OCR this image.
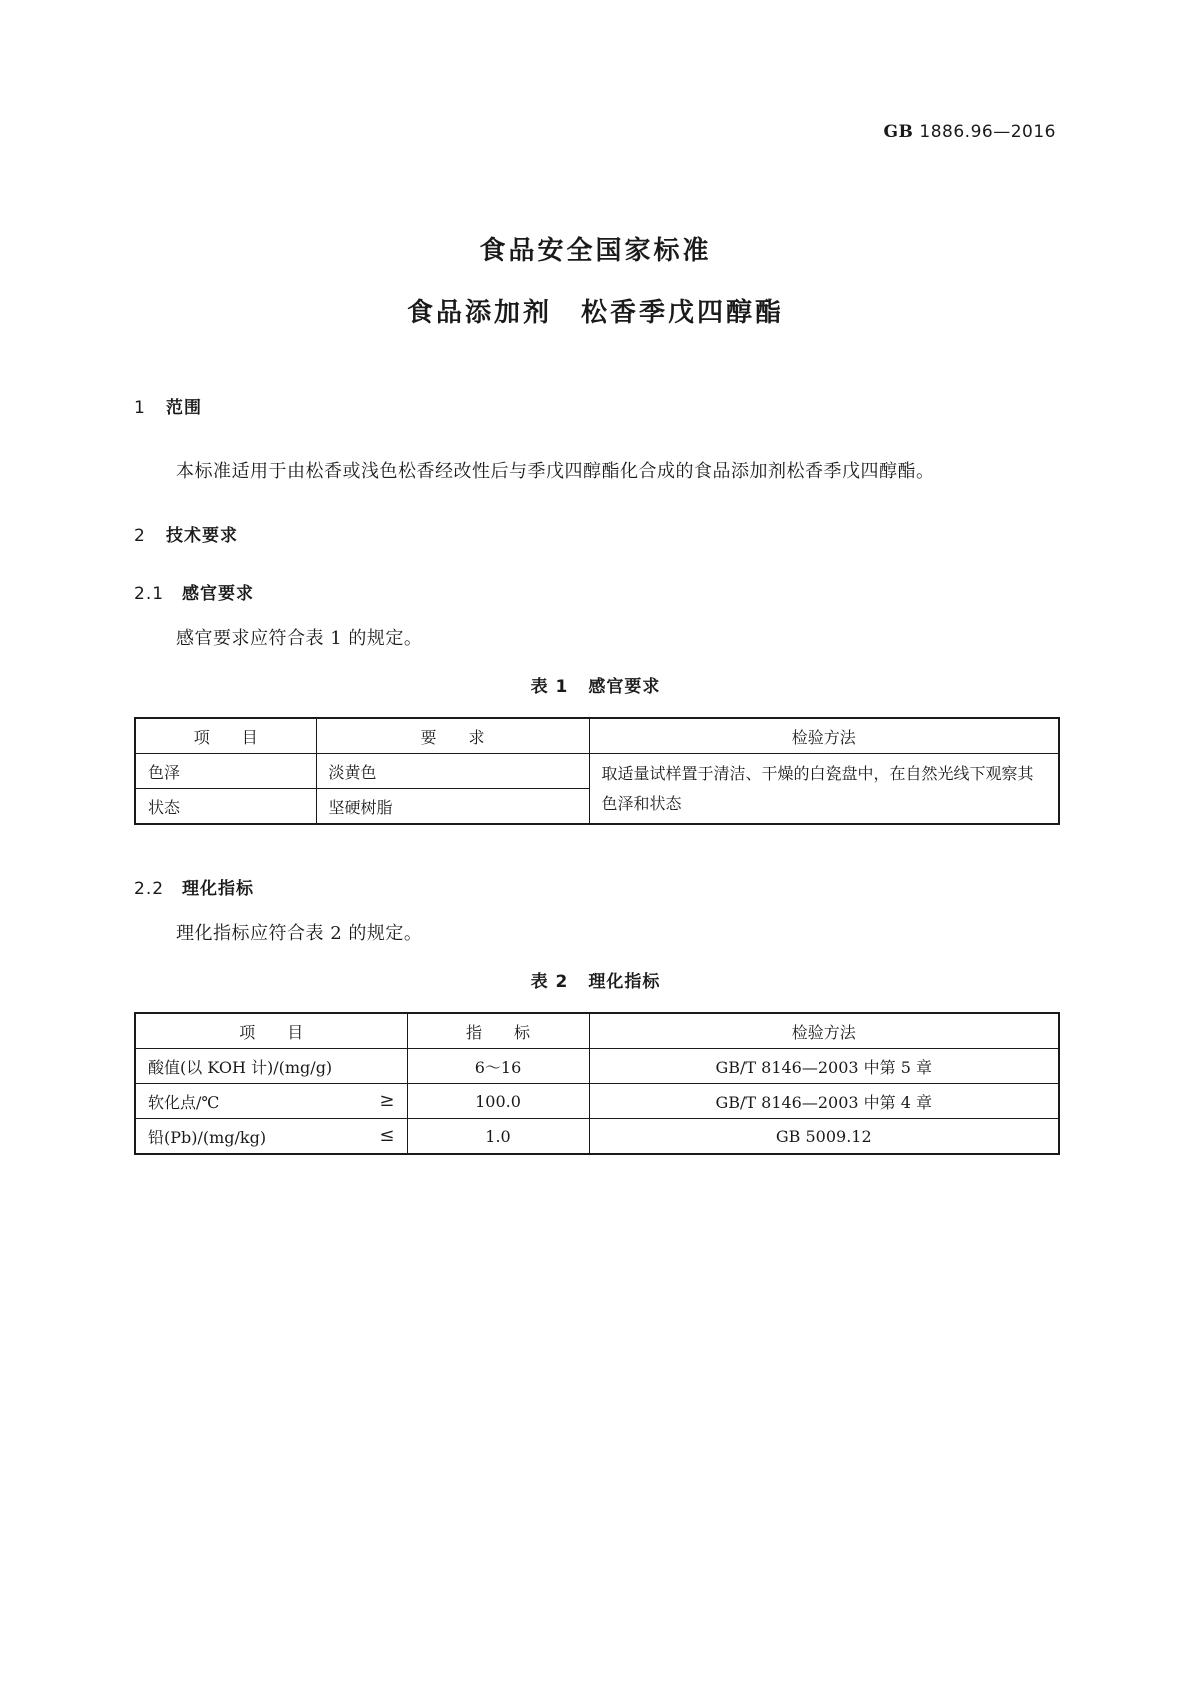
GB 1886.96—2016
食品安全国家标准
食品添加剂　松香季戊四醇酯
1 范围
本标准适用于由松香或浅色松香经改性后与季戊四醇酯化合成的食品添加剂松香季戊四醇酯。
2 技术要求
2.1 感官要求
感官要求应符合表 1 的规定。
表 1 感官要求
项　　目	要　　求	检验方法
色泽	淡黄色	取适量试样置于清洁、干燥的白瓷盘中，在自然光线下观察其色泽和状态
状态	坚硬树脂	
2.2 理化指标
理化指标应符合表 2 的规定。
表 2 理化指标
项　　目	指　　标	检验方法
酸值(以 KOH 计)/(mg/g)	6～16	GB/T 8146—2003 中第 5 章
软化点/℃ ≥	100.0	GB/T 8146—2003 中第 4 章
铅(Pb)/(mg/kg) ≤	1.0	GB 5009.12
